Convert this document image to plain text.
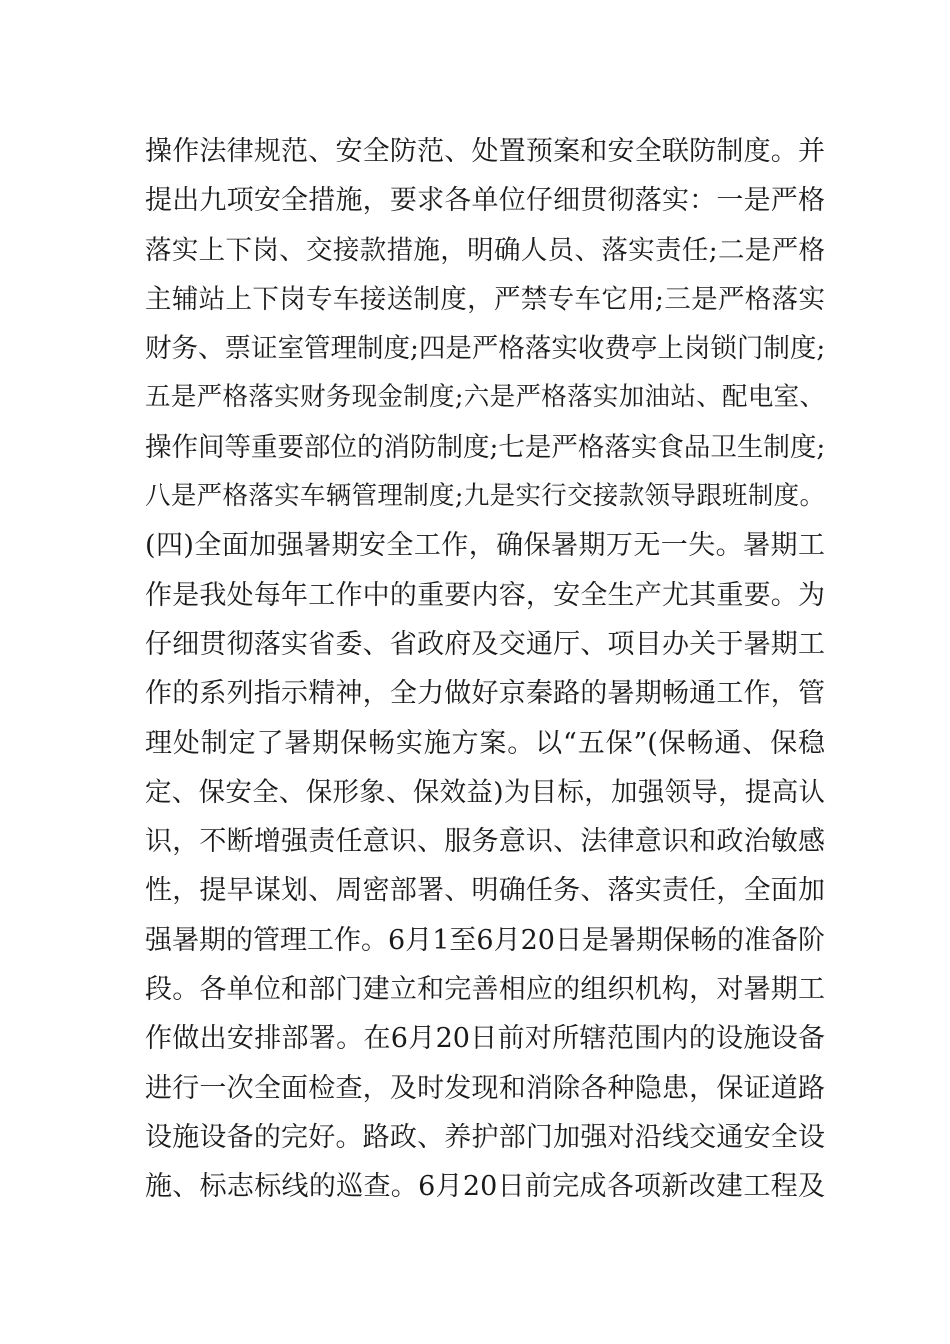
操作法律规范、安全防范、处置预案和安全联防制度。并
提出九项安全措施，要求各单位仔细贯彻落实：一是严格
落实上下岗、交接款措施，明确人员、落实责任;二是严格
主辅站上下岗专车接送制度，严禁专车它用;三是严格落实
财务、票证室管理制度;四是严格落实收费亭上岗锁门制度;
五是严格落实财务现金制度;六是严格落实加油站、配电室、
操作间等重要部位的消防制度;七是严格落实食品卫生制度;
八是严格落实车辆管理制度;九是实行交接款领导跟班制度。
(四)全面加强暑期安全工作，确保暑期万无一失。暑期工
作是我处每年工作中的重要内容，安全生产尤其重要。为
仔细贯彻落实省委、省政府及交通厅、项目办关于暑期工
作的系列指示精神，全力做好京秦路的暑期畅通工作，管
理处制定了暑期保畅实施方案。以“五保”(保畅通、保稳
定、保安全、保形象、保效益)为目标，加强领导，提高认
识，不断增强责任意识、服务意识、法律意识和政治敏感
性，提早谋划、周密部署、明确任务、落实责任，全面加
强暑期的管理工作。6月1至6月20日是暑期保畅的准备阶
段。各单位和部门建立和完善相应的组织机构，对暑期工
作做出安排部署。在6月20日前对所辖范围内的设施设备
进行一次全面检查，及时发现和消除各种隐患，保证道路
设施设备的完好。路政、养护部门加强对沿线交通安全设
施、标志标线的巡查。6月20日前完成各项新改建工程及
